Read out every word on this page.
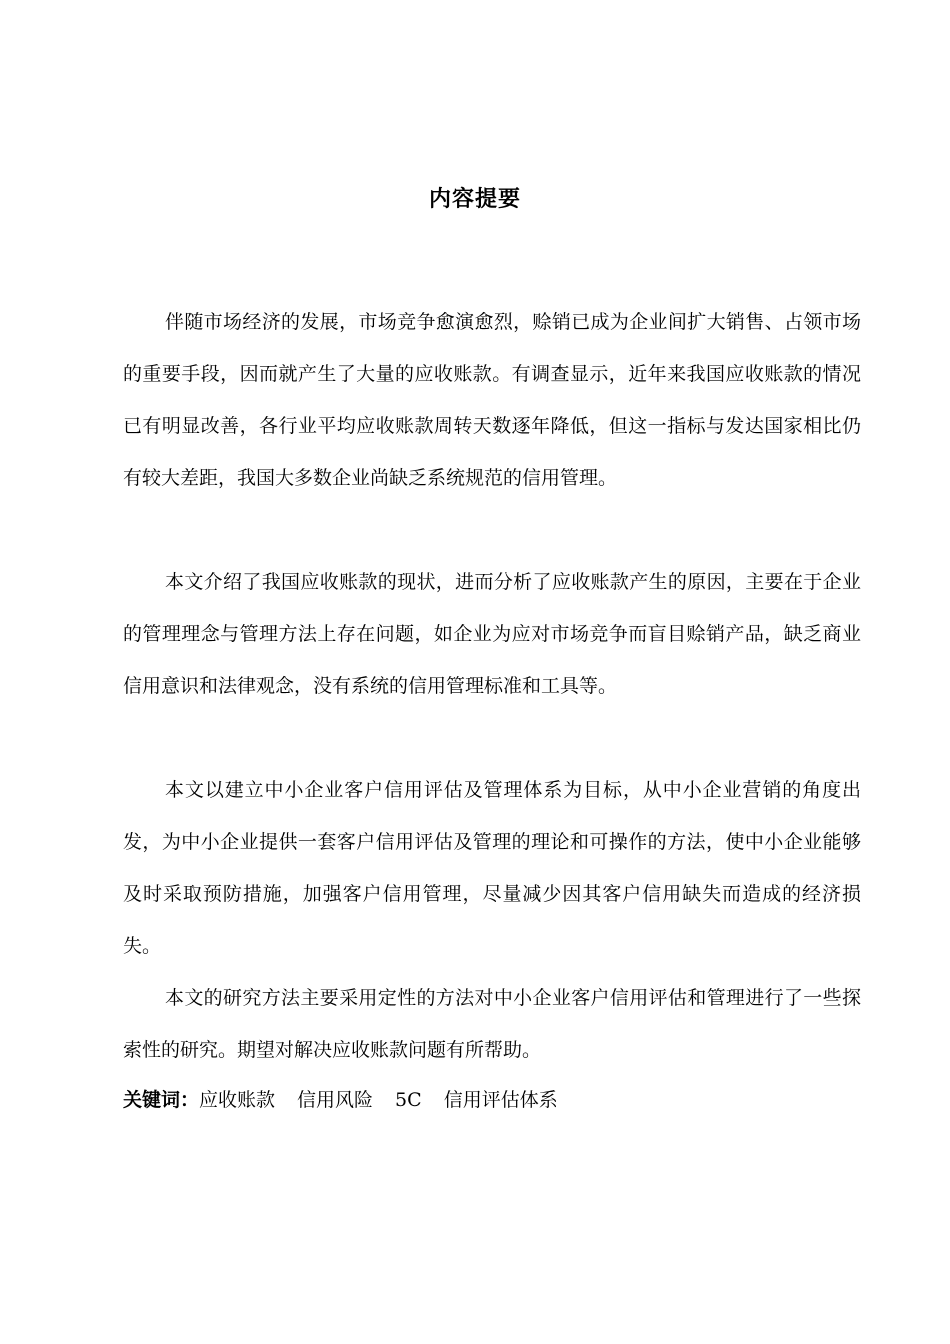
内容提要

伴随市场经济的发展，市场竞争愈演愈烈，赊销已成为企业间扩大销售、占领市场的重要手段，因而就产生了大量的应收账款。有调查显示，近年来我国应收账款的情况已有明显改善，各行业平均应收账款周转天数逐年降低，但这一指标与发达国家相比仍有较大差距，我国大多数企业尚缺乏系统规范的信用管理。

本文介绍了我国应收账款的现状，进而分析了应收账款产生的原因，主要在于企业的管理理念与管理方法上存在问题，如企业为应对市场竞争而盲目赊销产品，缺乏商业信用意识和法律观念，没有系统的信用管理标准和工具等。

本文以建立中小企业客户信用评估及管理体系为目标，从中小企业营销的角度出发，为中小企业提供一套客户信用评估及管理的理论和可操作的方法，使中小企业能够及时采取预防措施，加强客户信用管理，尽量减少因其客户信用缺失而造成的经济损失。

本文的研究方法主要采用定性的方法对中小企业客户信用评估和管理进行了一些探索性的研究。期望对解决应收账款问题有所帮助。

关键词：应收账款 信用风险 5C 信用评估体系
